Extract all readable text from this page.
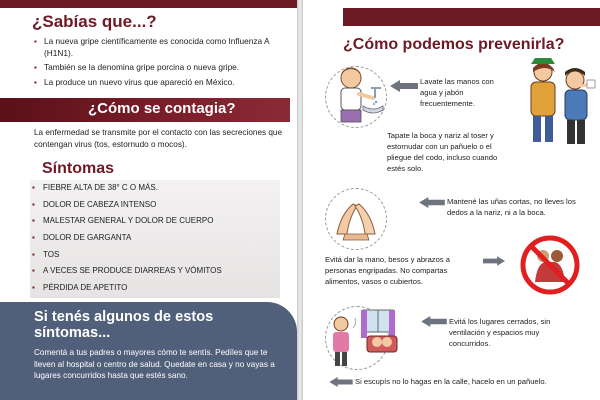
¿Sabías que...?
▪ La nueva gripe científicamente es conocida como Influenza A (H1N1).
▪ También se la denomina gripe porcina o nueva gripe.
▪ La produce un nuevo virus que apareció en México.
¿Cómo se contagia?
La enfermedad se transmite por el contacto con las secreciones que contengan virus (tos, estornudo o mocos).
Síntomas
▪ FIEBRE ALTA DE 38° C O MÁS.
▪ DOLOR DE CABEZA INTENSO
▪ MALESTAR GENERAL Y DOLOR DE CUERPO
▪ DOLOR DE GARGANTA
▪ TOS
▪ A VECES SE PRODUCE DIARREAS Y VÓMITOS
▪ PÉRDIDA DE APETITO
Si tenés algunos de estos síntomas...
Comentá a tus padres o mayores cómo te sentís. Pedíles que te lleven al hospital o centro de salud. Quedate en casa y no vayas a lugares concurridos hasta que estés sano.
¿Cómo podemos prevenirla?
Lavate las manos con agua y jabón frecuentemente.
Tapate la boca y nariz al toser y estornudar con un pañuelo o el pliegue del codo, incluso cuando estés solo.
Mantené las uñas cortas, no lleves los dedos a la nariz, ni a la boca.
Evitá dar la mano, besos y abrazos a personas engripadas. No compartas alimentos, vasos o cubiertos.
Evitá los lugares cerrados, sin ventilación y espacios muy concurridos.
Si escupís no lo hagas en la calle, hacelo en un pañuelo.
